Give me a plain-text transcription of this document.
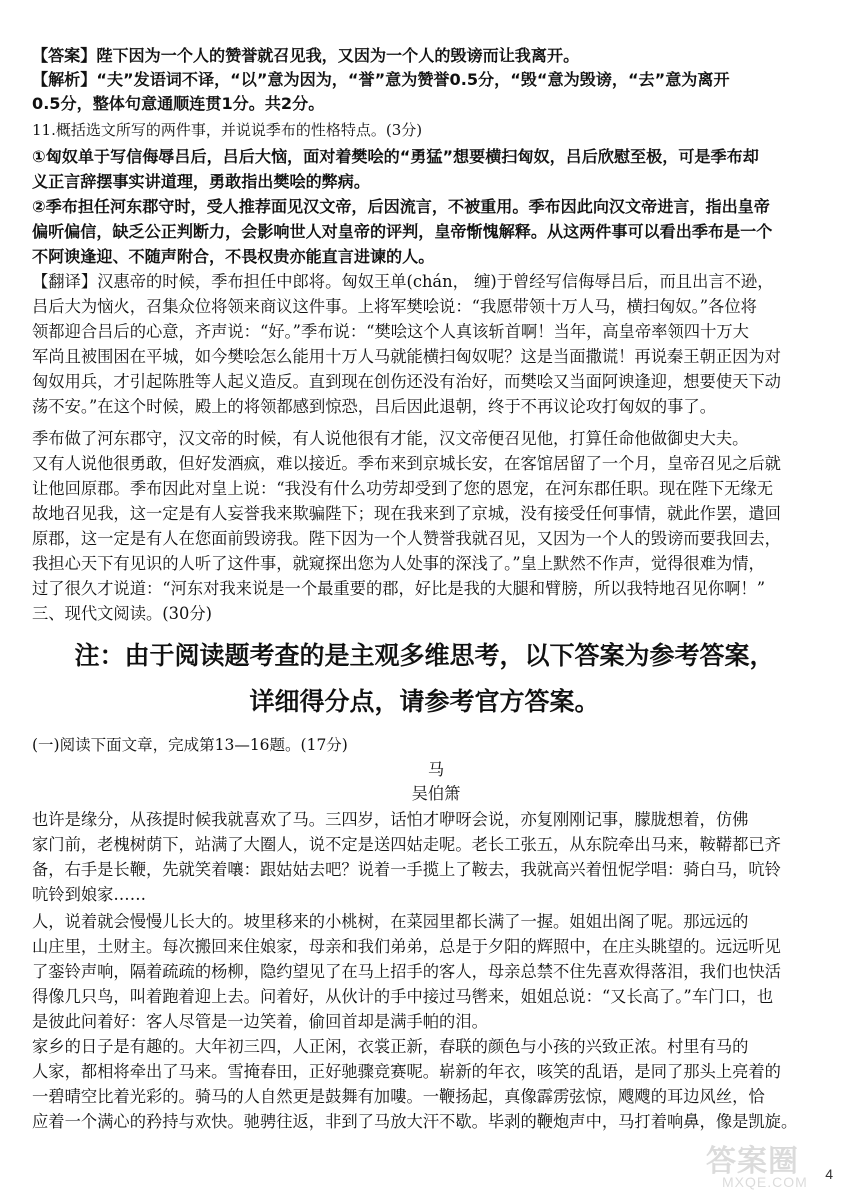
【答案】陛下因为一个人的赞誉就召见我，又因为一个人的毁谤而让我离开。
【解析】“夫”发语词不译，“以”意为因为，“誉”意为赞誉0.5分，“毁“意为毁谤，“去”意为离开
0.5分，整体句意通顺连贯1分。共2分。
11.概括选文所写的两件事，并说说季布的性格特点。(3分)
①匈奴单于写信侮辱吕后，吕后大恼，面对着樊哙的“勇猛”想要横扫匈奴，吕后欣慰至极，可是季布却
义正言辞摆事实讲道理，勇敢指出樊哙的弊病。
②季布担任河东郡守时，受人推荐面见汉文帝，后因流言，不被重用。季布因此向汉文帝进言，指出皇帝
偏听偏信，缺乏公正判断力，会影响世人对皇帝的评判，皇帝惭愧解释。从这两件事可以看出季布是一个
不阿谀逢迎、不随声附合，不畏权贵亦能直言进谏的人。
【翻译】汉惠帝的时候，季布担任中郎将。匈奴王单(chán， 缠)于曾经写信侮辱吕后，而且出言不逊，
吕后大为恼火，召集众位将领来商议这件事。上将军樊哙说：“我愿带领十万人马，横扫匈奴。”各位将
领都迎合吕后的心意，齐声说：“好。”季布说：“樊哙这个人真该斩首啊！当年，高皇帝率领四十万大
军尚且被围困在平城，如今樊哙怎么能用十万人马就能横扫匈奴呢？这是当面撒谎！再说秦王朝正因为对
匈奴用兵，才引起陈胜等人起义造反。直到现在创伤还没有治好，而樊哙又当面阿谀逢迎，想要使天下动
荡不安。”在这个时候，殿上的将领都感到惊恐，吕后因此退朝，终于不再议论攻打匈奴的事了。
季布做了河东郡守，汉文帝的时候，有人说他很有才能，汉文帝便召见他，打算任命他做御史大夫。
又有人说他很勇敢，但好发酒疯，难以接近。季布来到京城长安，在客馆居留了一个月，皇帝召见之后就
让他回原郡。季布因此对皇上说：“我没有什么功劳却受到了您的恩宠，在河东郡任职。现在陛下无缘无
故地召见我，这一定是有人妄誉我来欺骗陛下；现在我来到了京城，没有接受任何事情，就此作罢，遣回
原郡，这一定是有人在您面前毁谤我。陛下因为一个人赞誉我就召见，又因为一个人的毁谤而要我回去，
我担心天下有见识的人听了这件事，就窥探出您为人处事的深浅了。”皇上默然不作声，觉得很难为情，
过了很久才说道：“河东对我来说是一个最重要的郡，好比是我的大腿和臂膀，所以我特地召见你啊！”
三、现代文阅读。(30分)
注：由于阅读题考查的是主观多维思考，以下答案为参考答案，
详细得分点，请参考官方答案。
(一)阅读下面文章，完成第13—16题。(17分)
马
吴伯箫
也许是缘分，从孩提时候我就喜欢了马。三四岁，话怕才咿呀会说，亦复刚刚记事，朦胧想着，仿佛
家门前，老槐树荫下，站满了大圈人，说不定是送四姑走呢。老长工张五，从东院牵出马来，鞍鞯都已齐
备，右手是长鞭，先就笑着嚷：跟姑姑去吧？说着一手揽上了鞍去，我就高兴着忸怩学唱：骑白马，吭铃
吭铃到娘家……
人，说着就会慢慢儿长大的。坡里移来的小桃树，在菜园里都长满了一握。姐姐出阁了呢。那远远的
山庄里，土财主。每次搬回来住娘家，母亲和我们弟弟，总是于夕阳的辉照中，在庄头眺望的。远远听见
了銮铃声响，隔着疏疏的杨柳，隐约望见了在马上招手的客人，母亲总禁不住先喜欢得落泪，我们也快活
得像几只鸟，叫着跑着迎上去。问着好，从伙计的手中接过马辔来，姐姐总说：“又长高了。”车门口，也
是彼此问着好：客人尽管是一边笑着，偷回首却是满手帕的泪。
家乡的日子是有趣的。大年初三四，人正闲，衣裳正新，春联的颜色与小孩的兴致正浓。村里有马的
人家，都相将牵出了马来。雪掩春田，正好驰骤竞赛呢。崭新的年衣，咳笑的乱语，是同了那头上亮着的
一碧晴空比着光彩的。骑马的人自然更是鼓舞有加嘍。一鞭扬起，真像霹雳弦惊，飕飕的耳边风丝，恰
应着一个满心的矜持与欢快。驰骋往返，非到了马放大汗不歇。毕剥的鞭炮声中，马打着响鼻，像是凯旋。
答案圈
MXQE.COM 4
